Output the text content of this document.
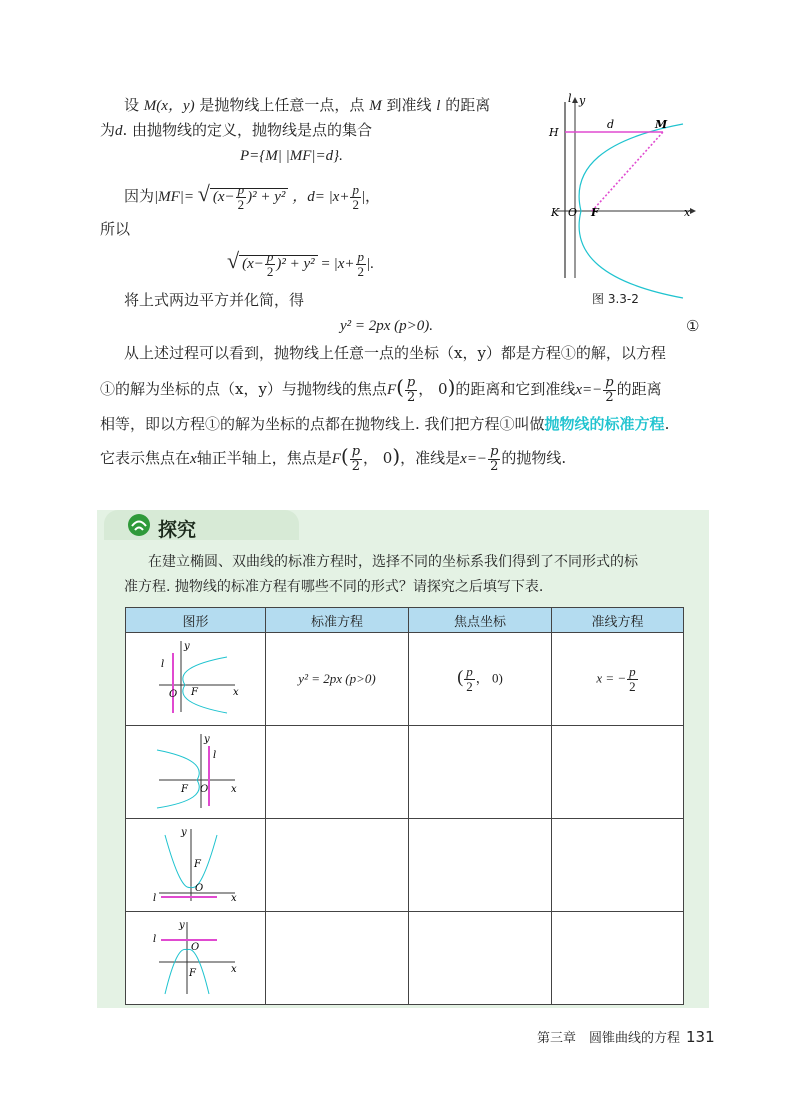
设 M(x，y) 是抛物线上任意一点，点 M 到准线 l 的距离
为d. 由抛物线的定义，抛物线是点的集合
P={M| |MF|=d}.
因为|MF|= √ $(x- \frac{p}{2} )^2 + y^2$ ，$d= |x+ \frac{p}{2}$ |，
所以
√ $(x- \frac{p}{2} )^2 + y^2 = |x+ \frac{p}{2}$ |.
将上式两边平方并化简，得
y² = 2px (p>0).	①
从上述过程可以看到，抛物线上任意一点的坐标（x，y）都是方程①的解，以方程
①的解为坐标的点（x，y）与抛物线的焦点$F( \frac{p}{2}$ ， 0)的距离和它到准线$x=- \frac{p}{2}$ 的距离
相等，即以方程①的解为坐标的点都在抛物线上. 我们把方程①叫做抛物线的标准方程.
它表示焦点在x轴正半轴上，焦点是$F( \frac{p}{2}$ ， 0)，准线是$x=- \frac{p}{2}$ 的抛物线.
l y
H
d	M
K O F	x
图 3.3-2
探究
在建立椭圆、双曲线的标准方程时，选择不同的坐标系我们得到了不同形式的标
准方程. 抛物线的标准方程有哪些不同的形式？请探究之后填写下表.
图形	标准方程	焦点坐标	准线方程

y
l
O F x	y² = 2px (p>0)	( $\frac{p}{2}$ ， 0)	x = − $\frac{p}{2}$

y
l
O
F x			

y
l
O
F
x			

y
l
O
F x			

第三章　圆锥曲线的方程 131
